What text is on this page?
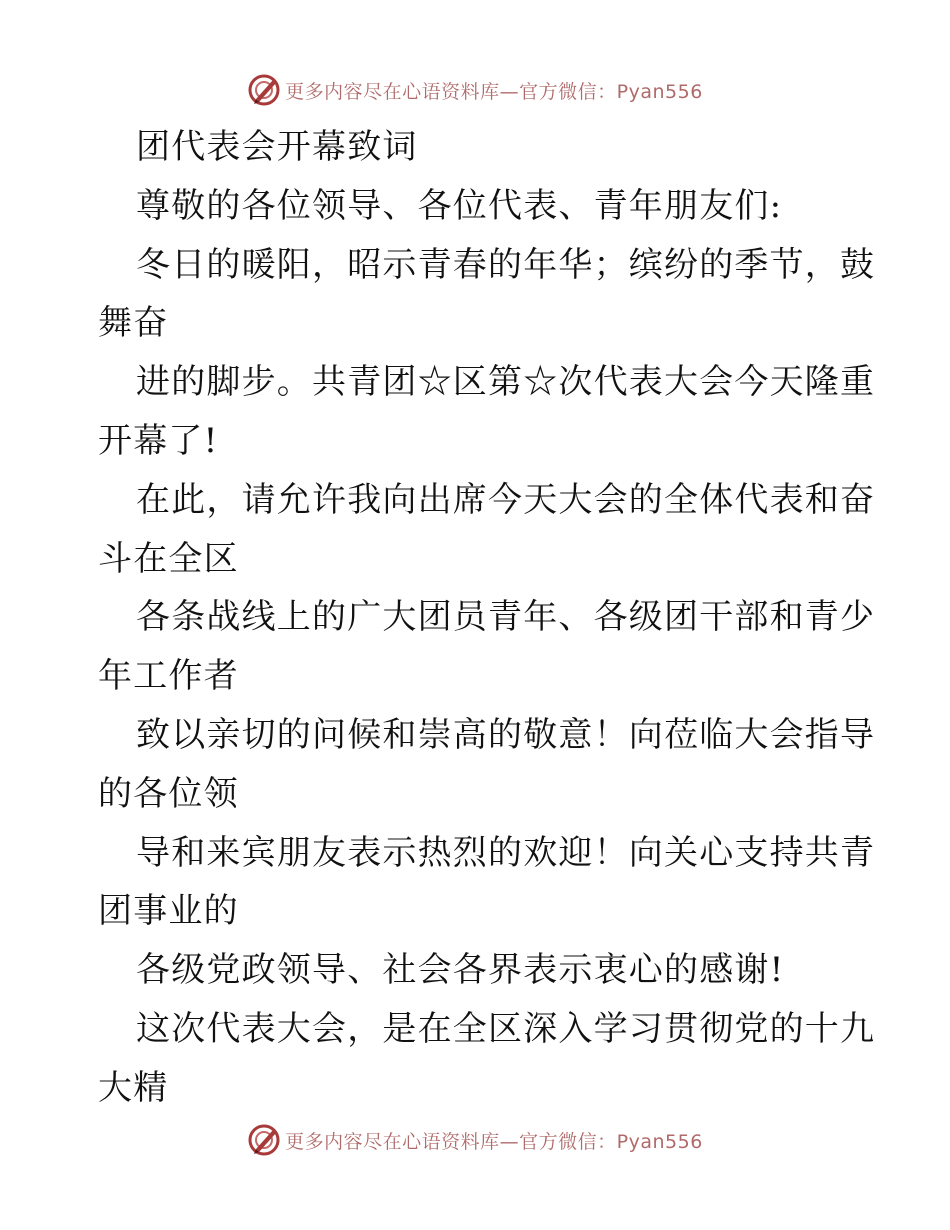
更多内容尽在心语资料库—官方微信：Pyan556
团代表会开幕致词
尊敬的各位领导、各位代表、青年朋友们:
冬日的暖阳，昭示青春的年华；缤纷的季节，鼓
舞奋
进的脚步。共青团☆区第☆次代表大会今天隆重
开幕了!
在此，请允许我向出席今天大会的全体代表和奋
斗在全区
各条战线上的广大团员青年、各级团干部和青少
年工作者
致以亲切的问候和崇高的敬意！向莅临大会指导
的各位领
导和来宾朋友表示热烈的欢迎！向关心支持共青
团事业的
各级党政领导、社会各界表示衷心的感谢!
这次代表大会，是在全区深入学习贯彻党的十九
大精
更多内容尽在心语资料库—官方微信：Pyan556
